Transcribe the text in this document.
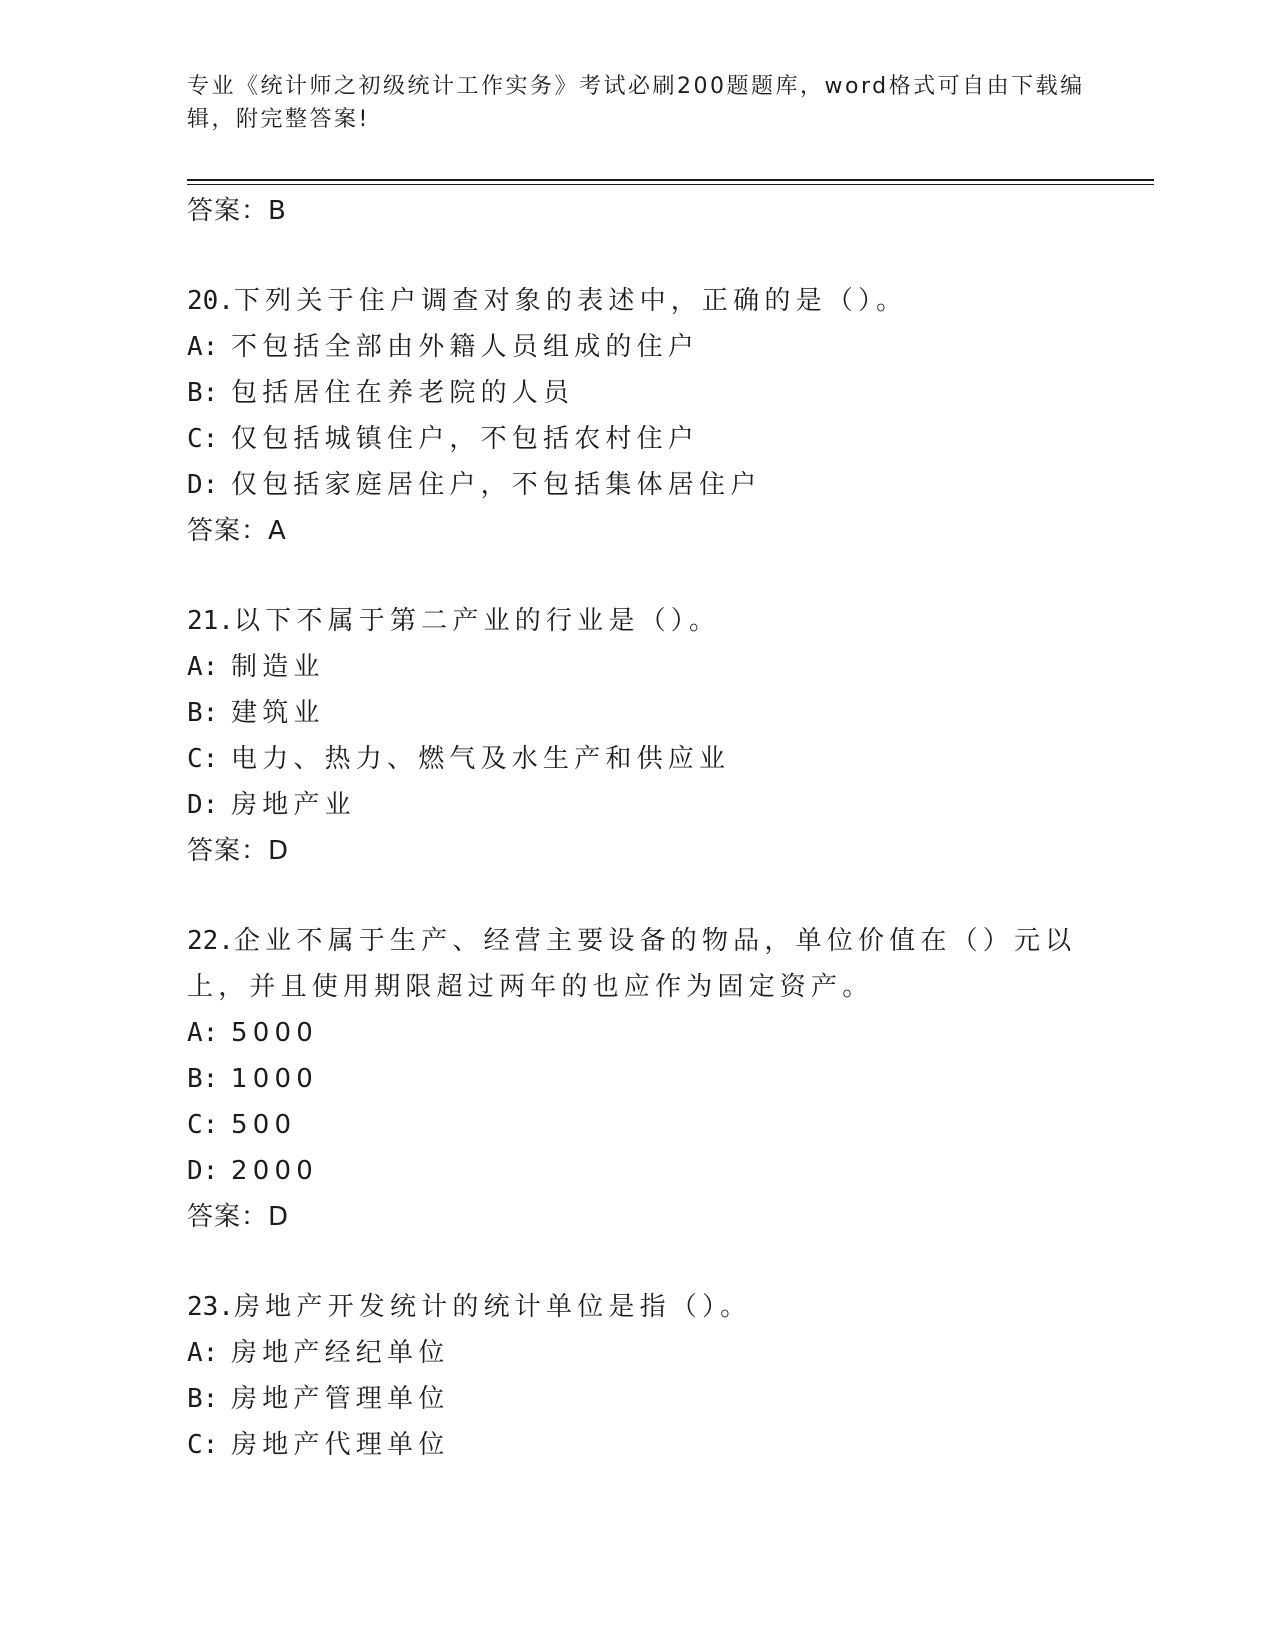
专业《统计师之初级统计工作实务》考试必刷200题题库，word格式可自由下载编辑，附完整答案!
答案：B
20.下列关于住户调查对象的表述中，正确的是（）。
A: 不包括全部由外籍人员组成的住户
B: 包括居住在养老院的人员
C: 仅包括城镇住户，不包括农村住户
D: 仅包括家庭居住户，不包括集体居住户
答案：A
21.以下不属于第二产业的行业是（）。
A: 制造业
B: 建筑业
C: 电力、热力、燃气及水生产和供应业
D: 房地产业
答案：D
22.企业不属于生产、经营主要设备的物品，单位价值在（）元以上，并且使用期限超过两年的也应作为固定资产。
A: 5000
B: 1000
C: 500
D: 2000
答案：D
23.房地产开发统计的统计单位是指（）。
A: 房地产经纪单位
B: 房地产管理单位
C: 房地产代理单位
